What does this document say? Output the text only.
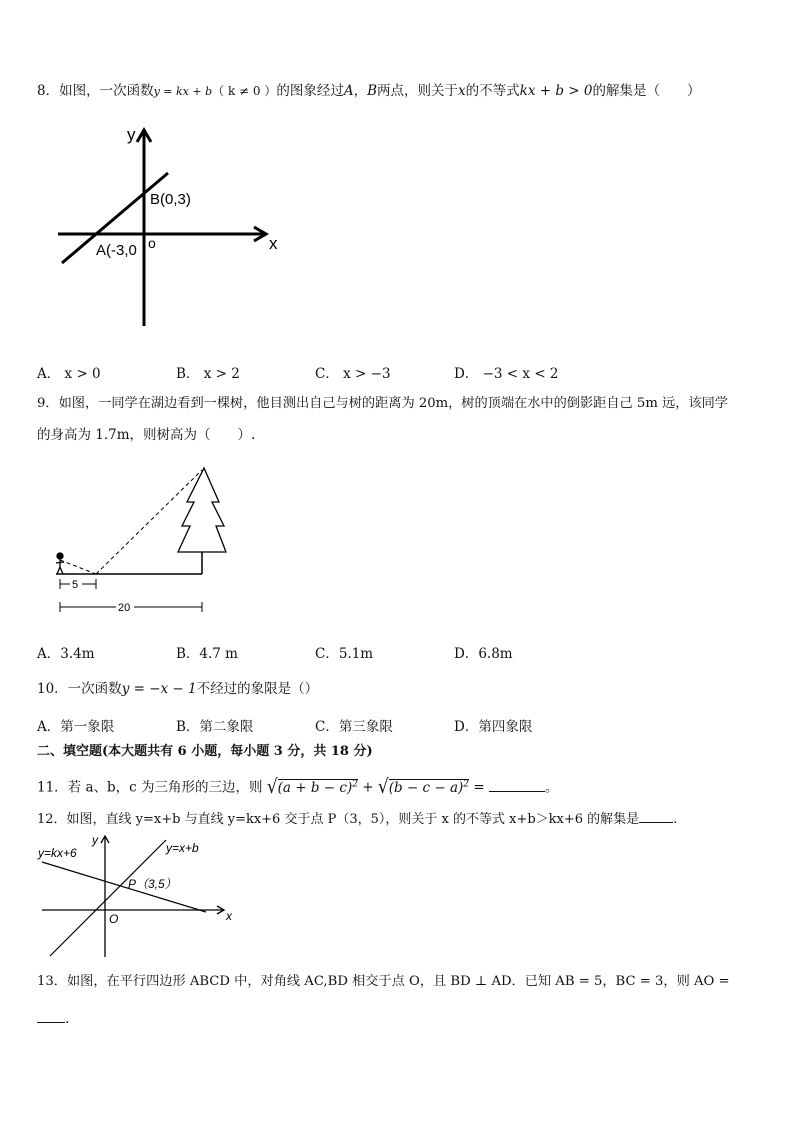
8．如图，一次函数y = kx + b（ k ≠ 0 ）的图象经过A，B两点，则关于x的不等式kx + b > 0的解集是（　　）
y
x
o
A(-3,0
B(0,3)
A． x > 0	B． x > 2	C． x > −3	D． −3 < x < 2
9．如图，一同学在湖边看到一棵树，他目测出自己与树的距离为 20m，树的顶端在水中的倒影距自己 5m 远，该同学
的身高为 1.7m，则树高为（　　）.
5
20
A．3.4m	B．4.7 m	C．5.1m	D．6.8m
10．一次函数y = −x − 1不经过的象限是（）
A．第一象限	B．第二象限	C．第三象限	D．第四象限
二、填空题(本大题共有 6 小题，每小题 3 分，共 18 分)
11．若 a、b，c 为三角形的三边，则 $√(a + b - c)^2 + √(b - c - a)^2$ =	。
12．如图，直线 y=x+b 与直线 y=kx+6 交于点 P（3，5），则关于 x 的不等式 x+b＞kx+6 的解集是	.
y=kx+6	y=x+b
P（3,5）
O	x
y
13．如图，在平行四边形 ABCD 中，对角线 AC,BD 相交于点 O，且 BD ⊥ AD．已知 AB = 5，BC = 3，则 AO =
.
